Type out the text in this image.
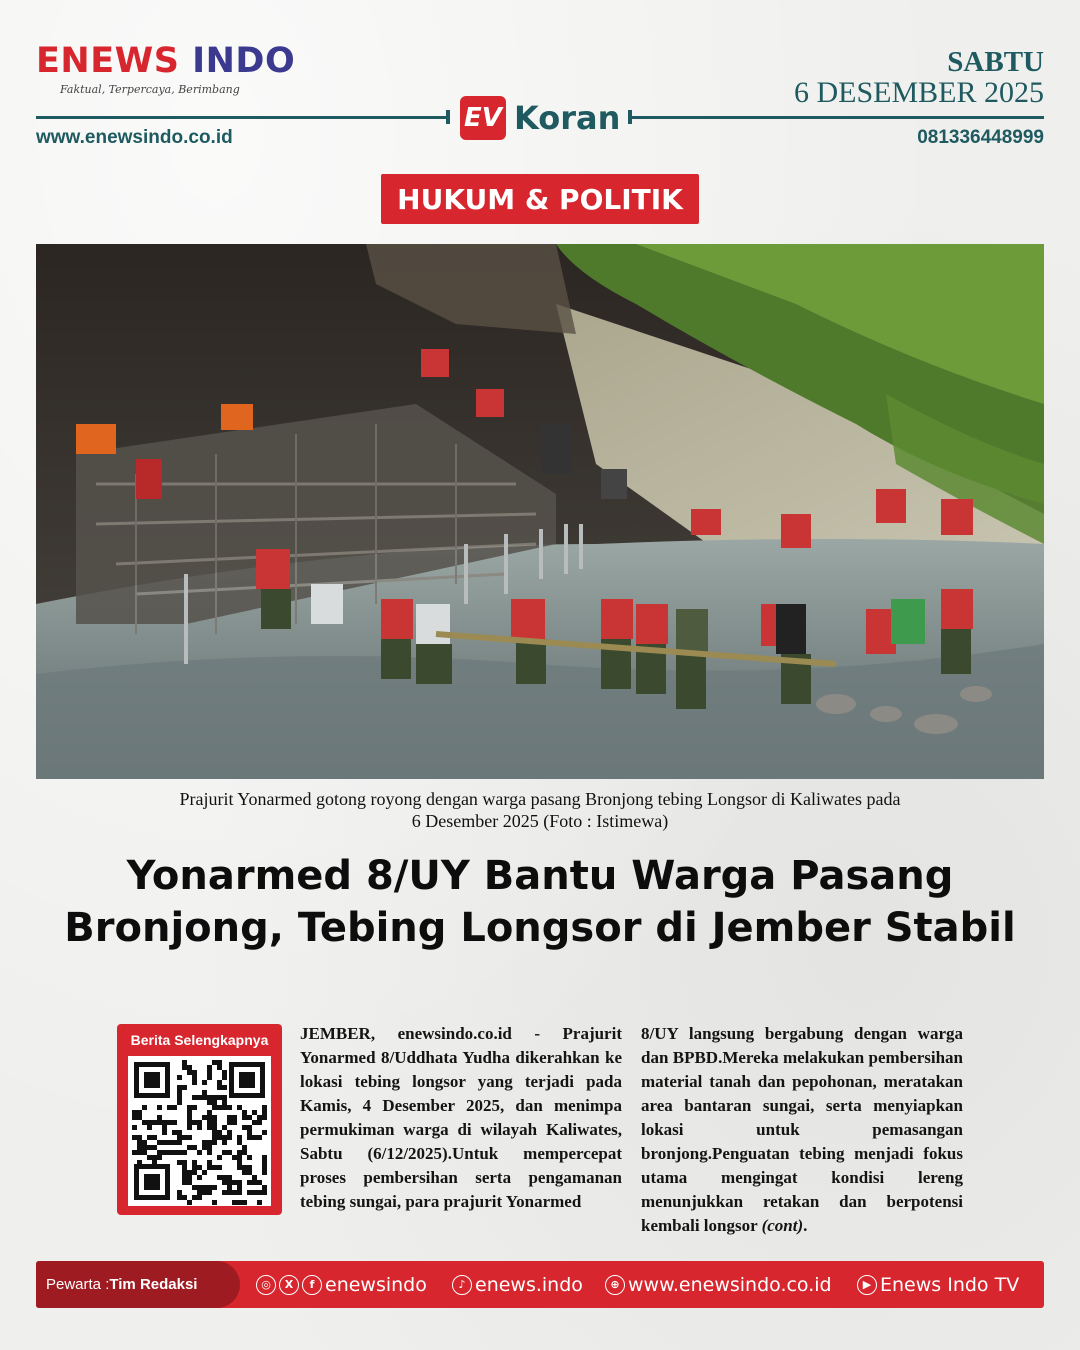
ENEWS INDO
Faktual, Terpercaya, Berimbang
SABTU
6 DESEMBER 2025
EV Koran
www.enewsindo.co.id	081336448999
HUKUM & POLITIK
Prajurit Yonarmed gotong royong dengan warga pasang Bronjong tebing Longsor di Kaliwates pada
6 Desember 2025 (Foto : Istimewa)
Yonarmed 8/UY Bantu Warga Pasang Bronjong, Tebing Longsor di Jember Stabil
Berita Selengkapnya	JEMBER, enewsindo.co.id - Prajurit Yonarmed 8/Uddhata Yudha dikerahkan ke lokasi tebing longsor yang terjadi pada Kamis, 4 Desember 2025, dan menimpa permukiman warga di wilayah Kaliwates, Sabtu (6/12/2025).Untuk mempercepat proses pembersihan serta pengamanan tebing sungai, para prajurit Yonarmed
8/UY langsung bergabung dengan warga dan BPBD.Mereka melakukan pembersihan material tanah dan pepohonan, meratakan area bantaran sungai, serta menyiapkan lokasi untuk pemasangan bronjong.Penguatan tebing menjadi fokus utama mengingat kondisi lereng menunjukkan retakan dan berpotensi kembali longsor (cont).
Pewarta : Tim Redaksi	◎	X	f enewsindo	♪ enews.indo	⊕ www.enewsindo.co.id	▶ Enews Indo TV
